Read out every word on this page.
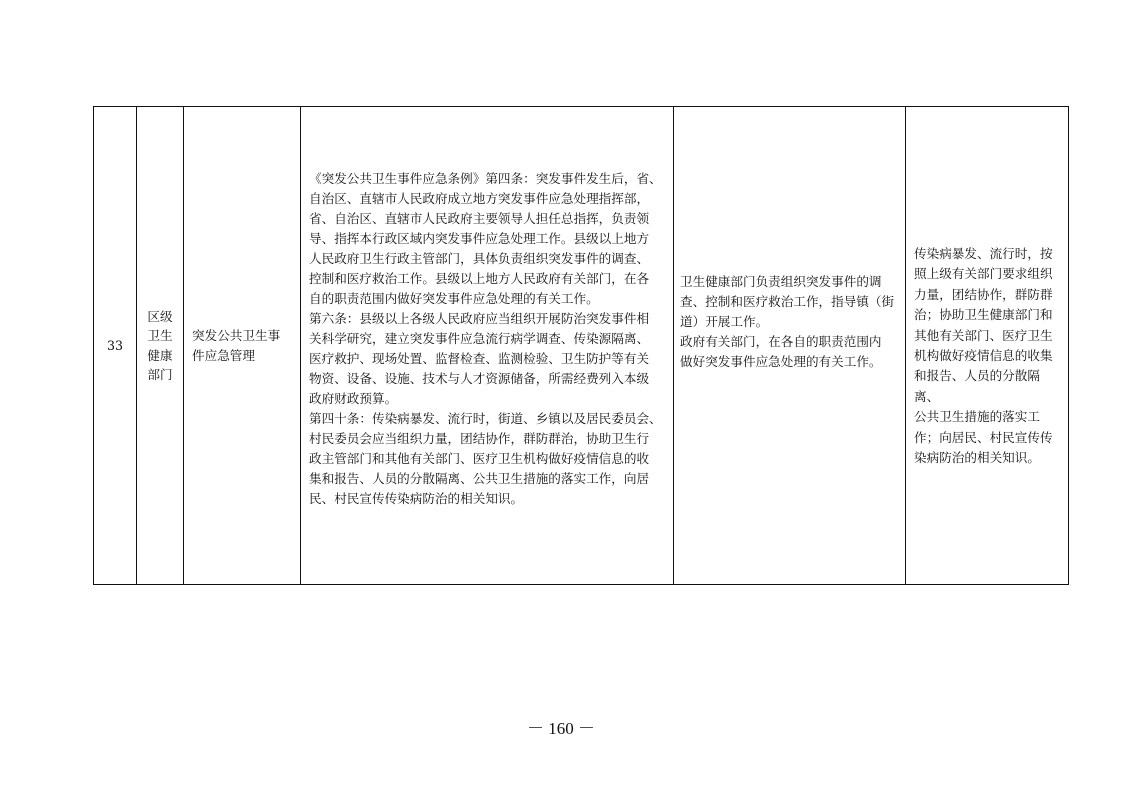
33	
区级卫生健康部门

突发公共卫生事件应急管理

《突发公共卫生事件应急条例》第四条：突发事件发生后，省、
自治区、直辖市人民政府成立地方突发事件应急处理指挥部，
省、自治区、直辖市人民政府主要领导人担任总指挥，负责领
导、指挥本行政区域内突发事件应急处理工作。县级以上地方
人民政府卫生行政主管部门，具体负责组织突发事件的调查、
控制和医疗救治工作。县级以上地方人民政府有关部门，在各
自的职责范围内做好突发事件应急处理的有关工作。
第六条：县级以上各级人民政府应当组织开展防治突发事件相
关科学研究，建立突发事件应急流行病学调查、传染源隔离、
医疗救护、现场处置、监督检查、监测检验、卫生防护等有关
物资、设备、设施、技术与人才资源储备，所需经费列入本级
政府财政预算。
第四十条：传染病暴发、流行时，街道、乡镇以及居民委员会、
村民委员会应当组织力量，团结协作，群防群治，协助卫生行
政主管部门和其他有关部门、医疗卫生机构做好疫情信息的收
集和报告、人员的分散隔离、公共卫生措施的落实工作，向居
民、村民宣传传染病防治的相关知识。

卫生健康部门负责组织突发事件的调
查、控制和医疗救治工作，指导镇（街
道）开展工作。
政府有关部门，在各自的职责范围内
做好突发事件应急处理的有关工作。

传染病暴发、流行时，按
照上级有关部门要求组织
力量，团结协作，群防群
治；协助卫生健康部门和
其他有关部门、医疗卫生
机构做好疫情信息的收集
和报告、人员的分散隔离、
公共卫生措施的落实工
作；向居民、村民宣传传
染病防治的相关知识。
－ 160 －
